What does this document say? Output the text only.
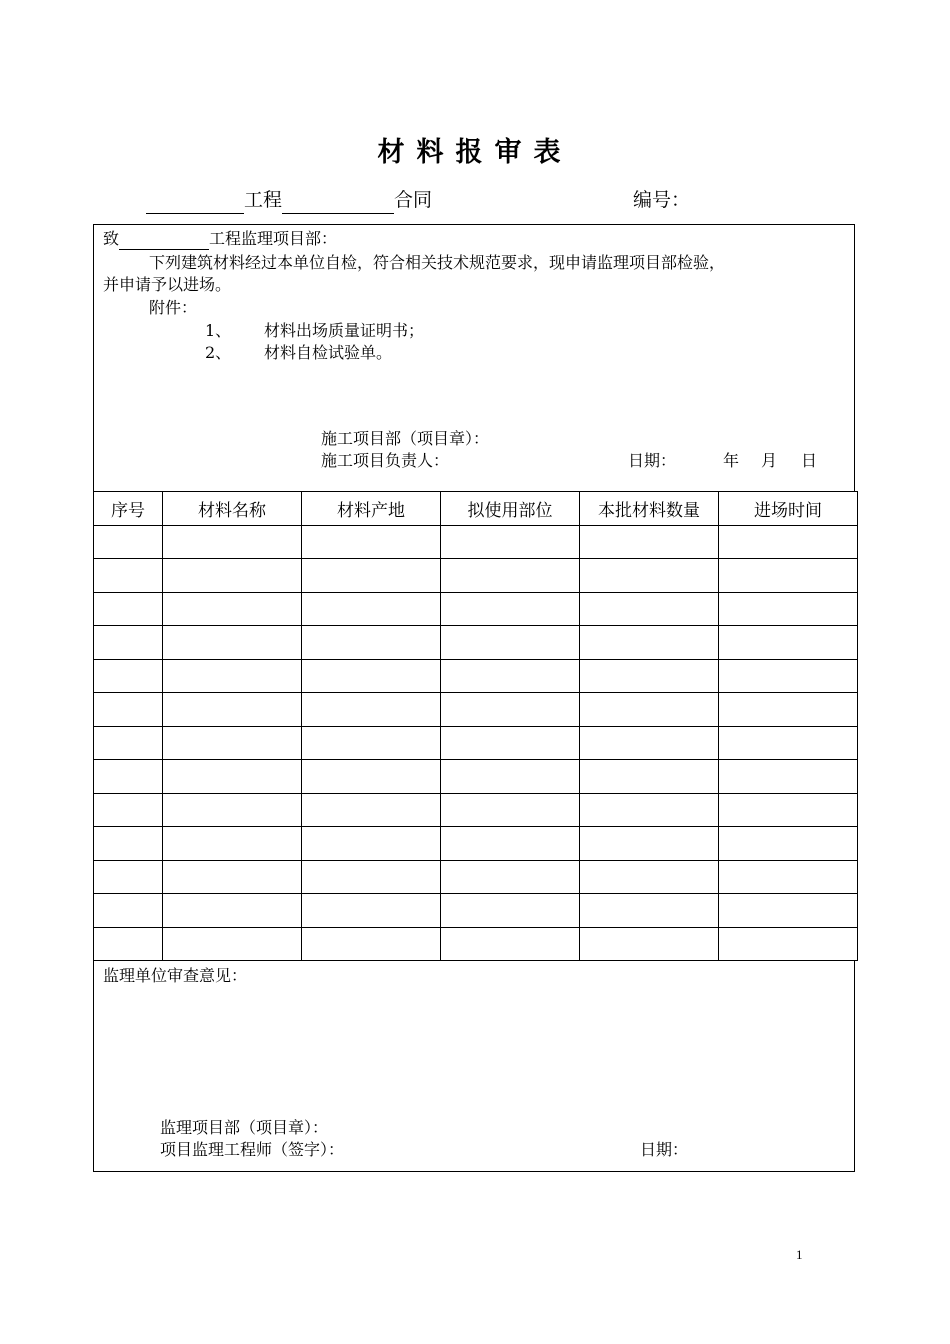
材料报审表
工程	合同	编号：
致	工程监理项目部：
下列建筑材料经过本单位自检，符合相关技术规范要求，现申请监理项目部检验，
并申请予以进场。
附件：
1、 材料出场质量证明书；
2、 材料自检试验单。
施工项目部（项目章）：
施工项目负责人：	日期：	年 月 日
序号	材料名称	材料产地	拟使用部位	本批材料数量	进场时间

监理单位审查意见：
监理项目部（项目章）：
项目监理工程师（签字）：	日期：
1
